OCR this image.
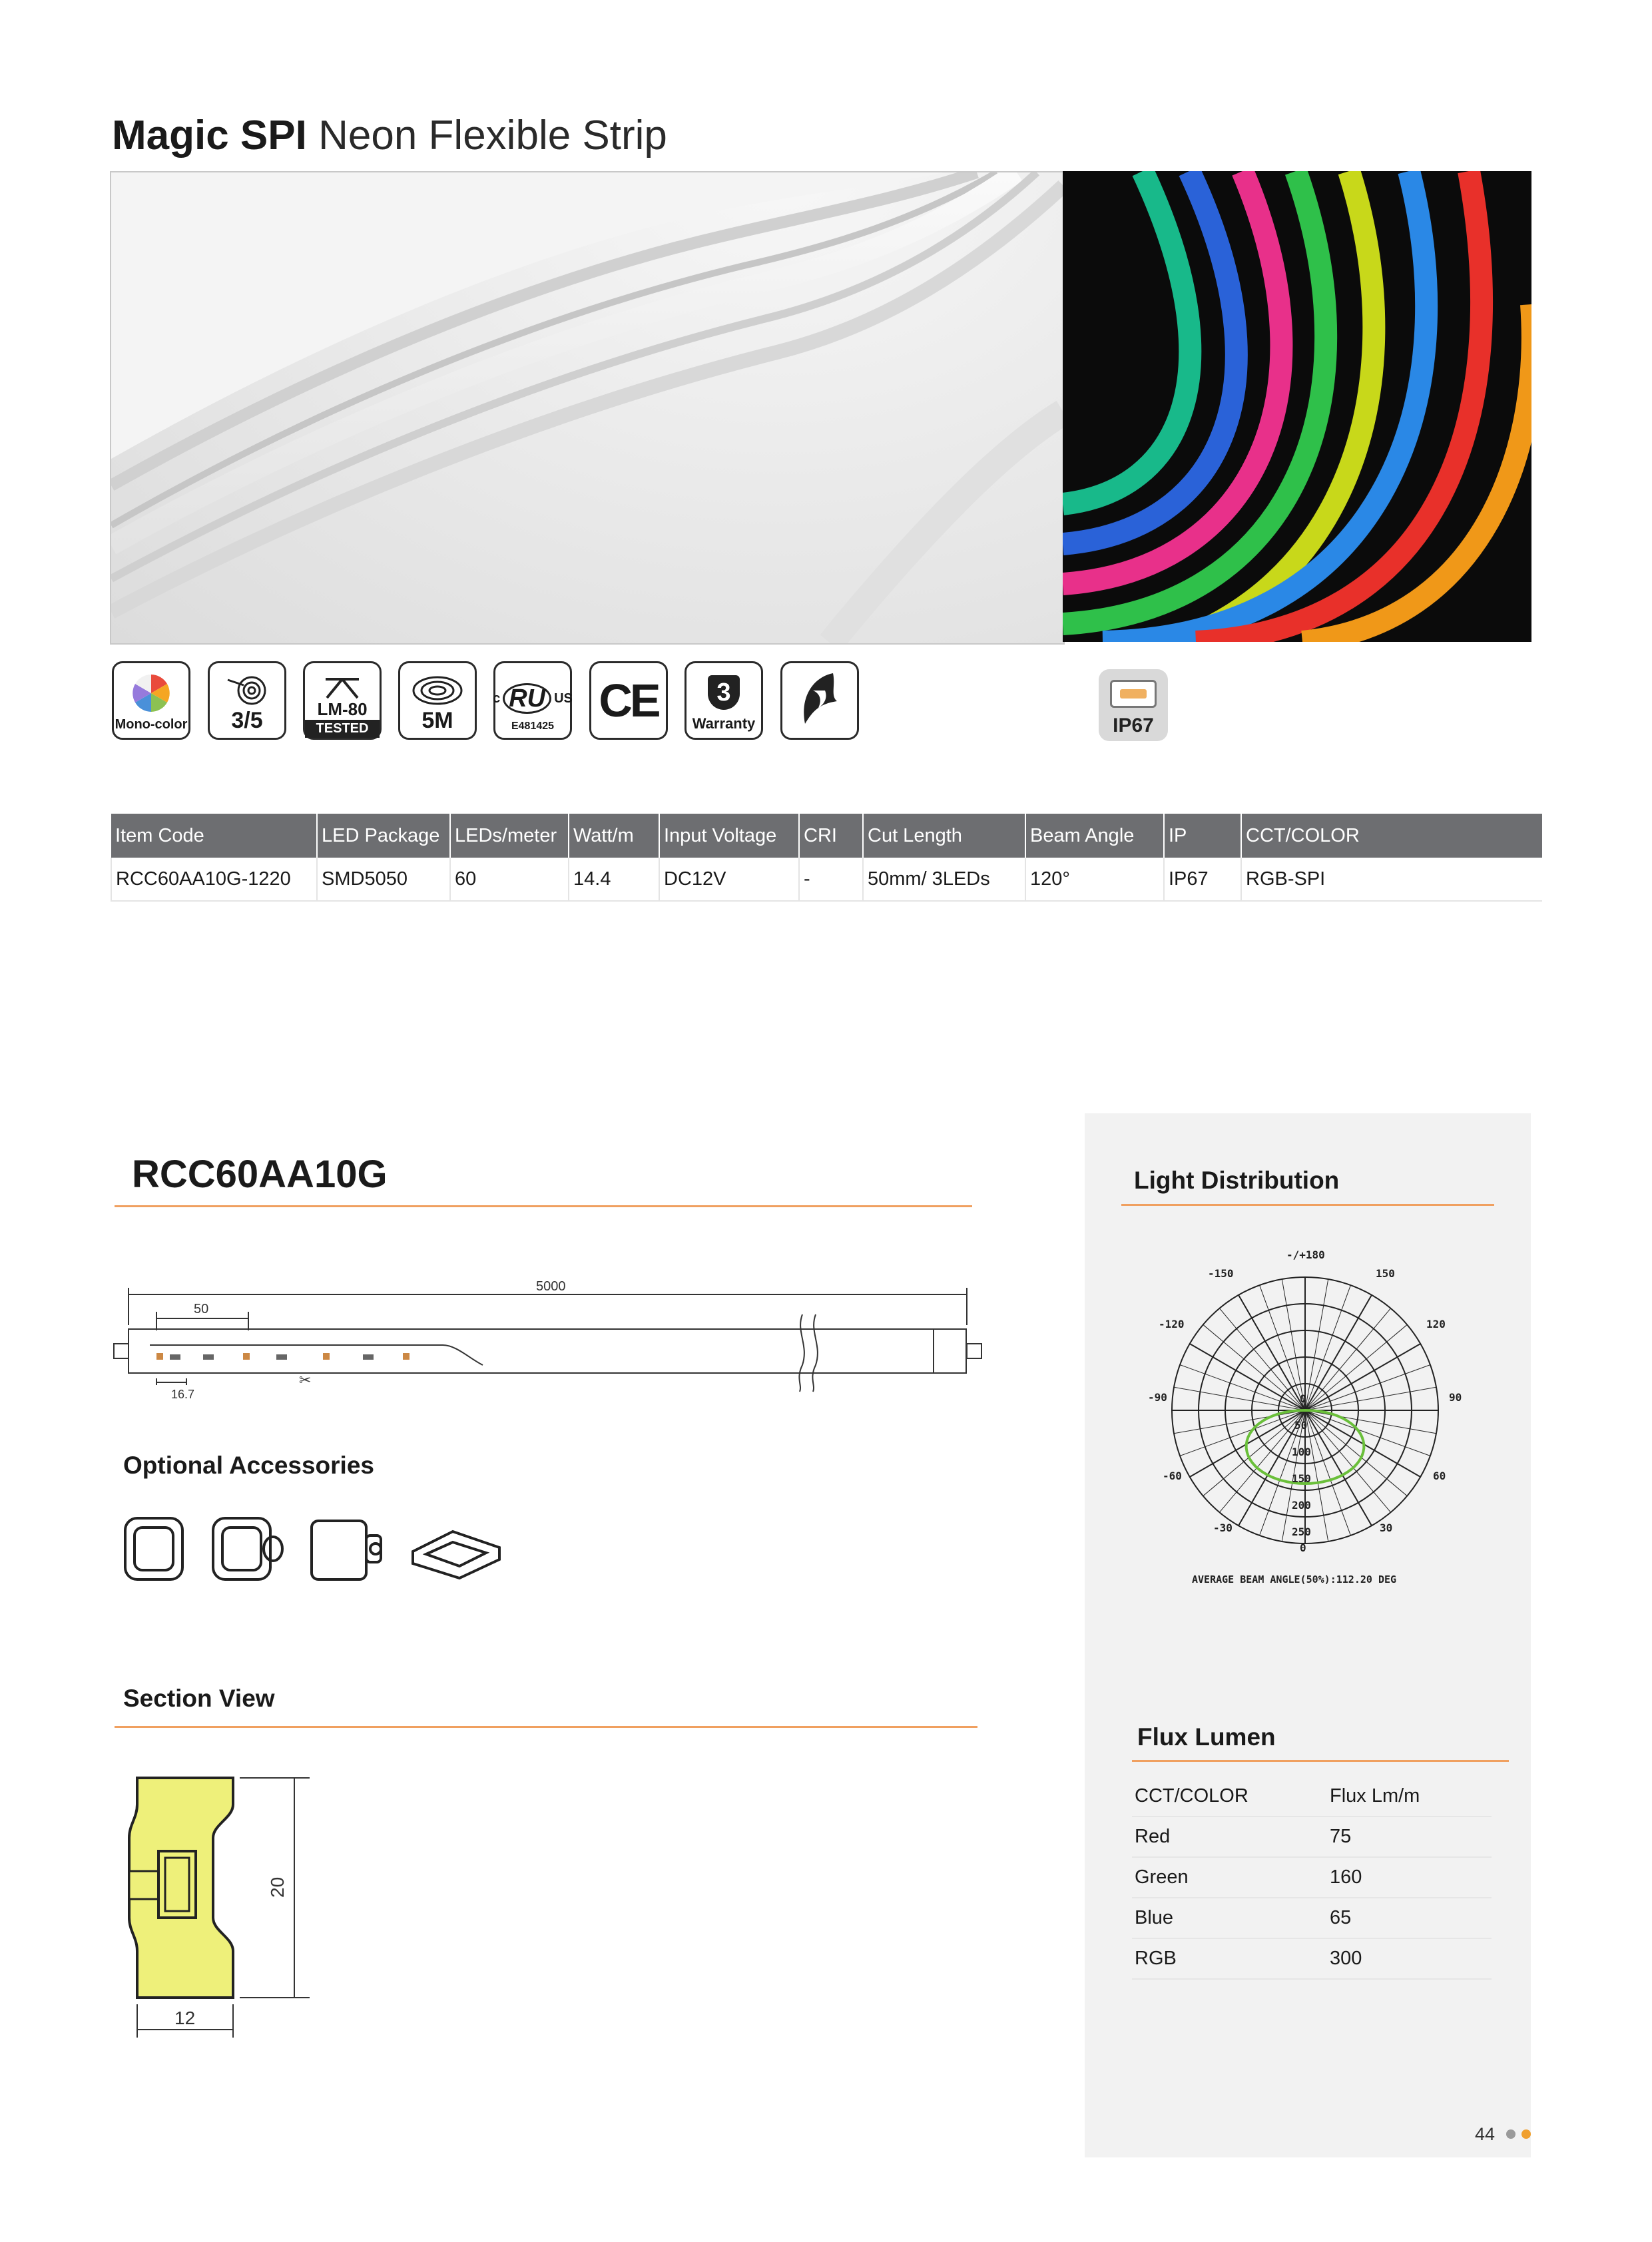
Magic SPI Neon Flexible Strip
Mono-color 3/5	LM-80
TESTED	5M
c RU US
E481425 CE	3
Warranty	IP67
Item Code	LED Package	LEDs/meter	Watt/m	Input Voltage	CRI	Cut Length	Beam Angle	IP	CCT/COLOR
RCC60AA10G-1220	SMD5050	60	14.4	DC12V	-	50mm/ 3LEDs	120°	IP67	RGB-SPI
RCC60AA10G
✂
5000
50
16.7
Optional Accessories
Section View
20
12
Light Distribution
-/+180
-150	150
-120	120
-90	90
-60	60
-30	30
0
0
50
100
150
200
250
AVERAGE BEAM ANGLE(50%):112.20 DEG
Flux Lumen
CCT/COLOR	Flux Lm/m
Red	75
Green	160
Blue	65
RGB	300
44
